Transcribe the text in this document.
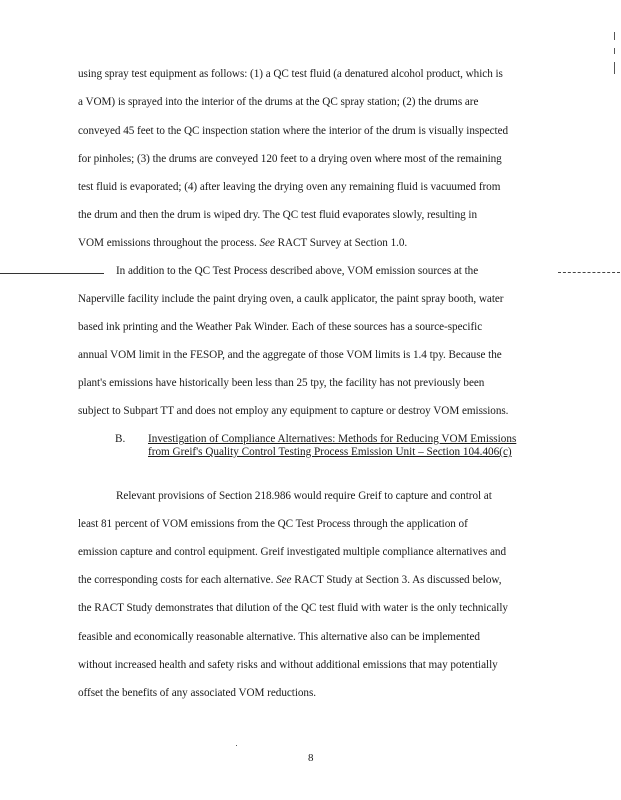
using spray test equipment as follows: (1) a QC test fluid (a denatured alcohol product, which is
a VOM) is sprayed into the interior of the drums at the QC spray station; (2) the drums are
conveyed 45 feet to the QC inspection station where the interior of the drum is visually inspected
for pinholes; (3) the drums are conveyed 120 feet to a drying oven where most of the remaining
test fluid is evaporated; (4) after leaving the drying oven any remaining fluid is vacuumed from
the drum and then the drum is wiped dry. The QC test fluid evaporates slowly, resulting in
VOM emissions throughout the process. See RACT Survey at Section 1.0.
In addition to the QC Test Process described above, VOM emission sources at the
Naperville facility include the paint drying oven, a caulk applicator, the paint spray booth, water
based ink printing and the Weather Pak Winder. Each of these sources has a source-specific
annual VOM limit in the FESOP, and the aggregate of those VOM limits is 1.4 tpy. Because the
plant's emissions have historically been less than 25 tpy, the facility has not previously been
subject to Subpart TT and does not employ any equipment to capture or destroy VOM emissions.
B. Investigation of Compliance Alternatives: Methods for Reducing VOM Emissions from Greif's Quality Control Testing Process Emission Unit – Section 104.406(c)
Relevant provisions of Section 218.986 would require Greif to capture and control at
least 81 percent of VOM emissions from the QC Test Process through the application of
emission capture and control equipment. Greif investigated multiple compliance alternatives and
the corresponding costs for each alternative. See RACT Study at Section 3. As discussed below,
the RACT Study demonstrates that dilution of the QC test fluid with water is the only technically
feasible and economically reasonable alternative. This alternative also can be implemented
without increased health and safety risks and without additional emissions that may potentially
offset the benefits of any associated VOM reductions.
8
